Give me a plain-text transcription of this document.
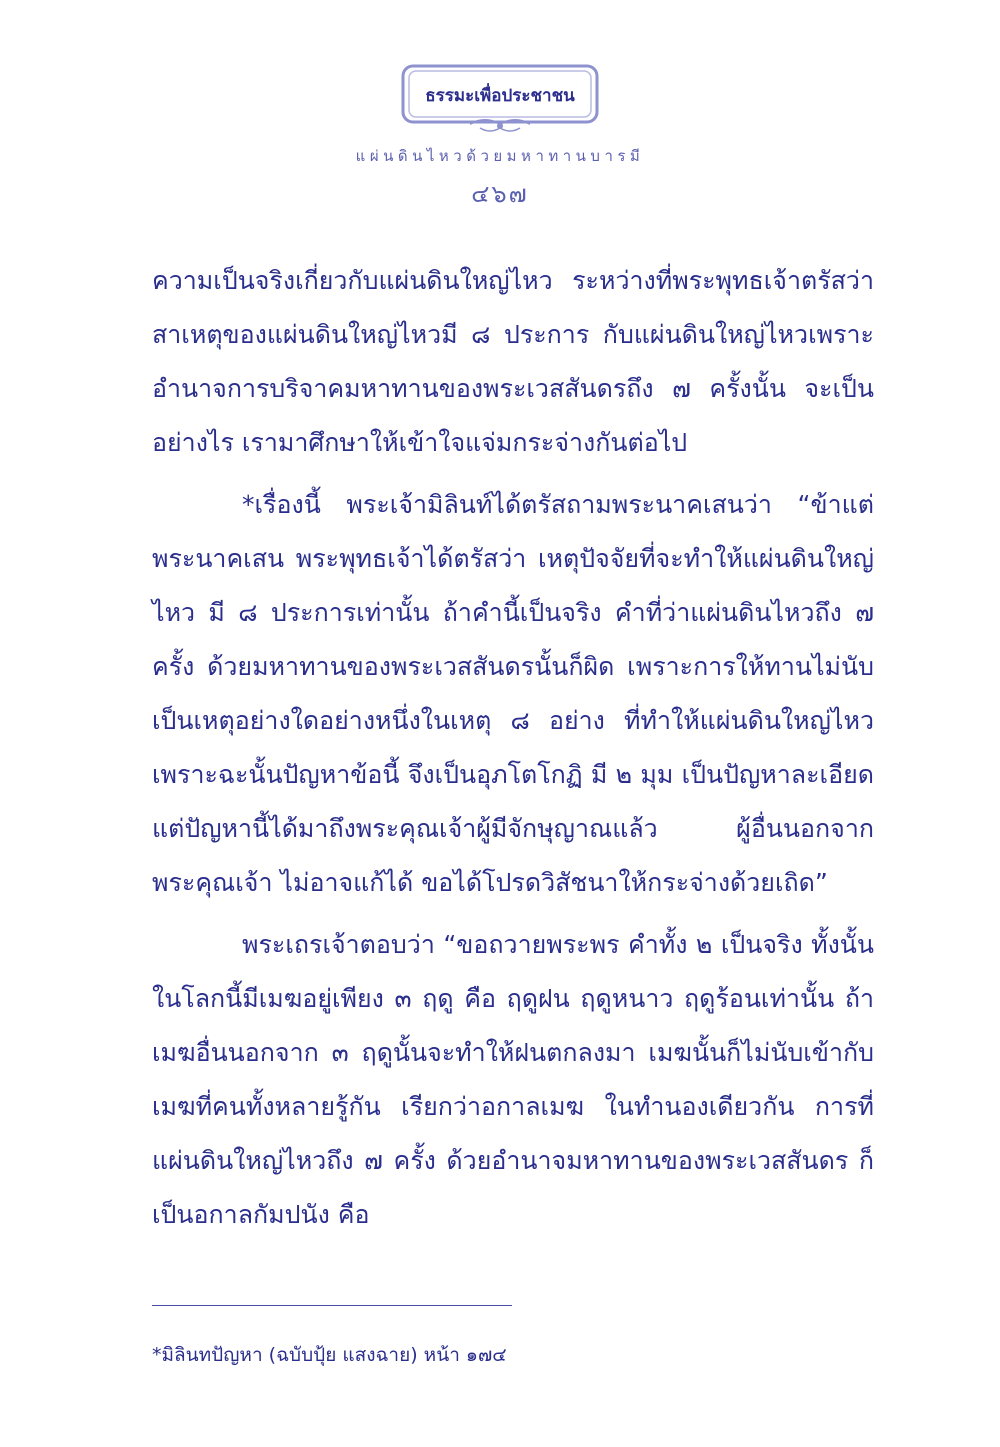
ธรรมะเพื่อประชาชน
แผ่นดินไหวด้วยมหาทานบารมี
๔๖๗

ความเป็นจริงเกี่ยวกับแผ่นดินใหญ่ไหว ระหว่างที่พระพุทธเจ้าตรัสว่า สาเหตุของแผ่นดินใหญ่ไหวมี ๘ ประการ กับแผ่นดินใหญ่ไหวเพราะอำนาจการบริจาคมหาทานของพระเวสสันดรถึง ๗ ครั้งนั้น จะเป็นอย่างไร เรามาศึกษาให้เข้าใจแจ่มกระจ่างกันต่อไป

*เรื่องนี้ พระเจ้ามิลินท์ได้ตรัสถามพระนาคเสนว่า “ข้าแต่พระนาคเสน พระพุทธเจ้าได้ตรัสว่า เหตุปัจจัยที่จะทำให้แผ่นดินใหญ่ไหว มี ๘ ประการเท่านั้น ถ้าคำนี้เป็นจริง คำที่ว่าแผ่นดินไหวถึง ๗ ครั้ง ด้วยมหาทานของพระเวสสันดรนั้นก็ผิด เพราะการให้ทานไม่นับเป็นเหตุอย่างใดอย่างหนึ่งในเหตุ ๘ อย่าง ที่ทำให้แผ่นดินใหญ่ไหว เพราะฉะนั้นปัญหาข้อนี้ จึงเป็นอุภโตโกฏิ มี ๒ มุม เป็นปัญหาละเอียด แต่ปัญหานี้ได้มาถึงพระคุณเจ้าผู้มีจักษุญาณแล้ว ผู้อื่นนอกจากพระคุณเจ้า ไม่อาจแก้ได้ ขอได้โปรดวิสัชนาให้กระจ่างด้วยเถิด”

พระเถรเจ้าตอบว่า “ขอถวายพระพร คำทั้ง ๒ เป็นจริง ทั้งนั้น ในโลกนี้มีเมฆอยู่เพียง ๓ ฤดู คือ ฤดูฝน ฤดูหนาว ฤดูร้อนเท่านั้น ถ้าเมฆอื่นนอกจาก ๓ ฤดูนั้นจะทำให้ฝนตกลงมา เมฆนั้นก็ไม่นับเข้ากับเมฆที่คนทั้งหลายรู้กัน เรียกว่าอกาลเมฆ ในทำนองเดียวกัน การที่แผ่นดินใหญ่ไหวถึง ๗ ครั้ง ด้วยอำนาจมหาทานของพระเวสสันดร ก็เป็นอกาลกัมปนัง คือ

*มิลินทปัญหา (ฉบับปุ้ย แสงฉาย) หน้า ๑๗๔
